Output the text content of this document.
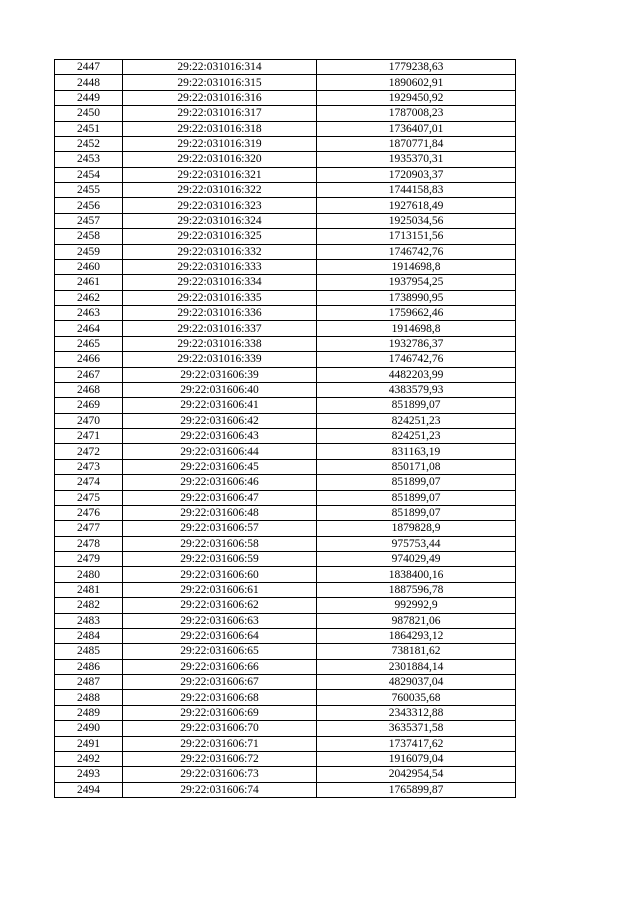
2447	29:22:031016:314	1779238,63
2448	29:22:031016:315	1890602,91
2449	29:22:031016:316	1929450,92
2450	29:22:031016:317	1787008,23
2451	29:22:031016:318	1736407,01
2452	29:22:031016:319	1870771,84
2453	29:22:031016:320	1935370,31
2454	29:22:031016:321	1720903,37
2455	29:22:031016:322	1744158,83
2456	29:22:031016:323	1927618,49
2457	29:22:031016:324	1925034,56
2458	29:22:031016:325	1713151,56
2459	29:22:031016:332	1746742,76
2460	29:22:031016:333	1914698,8
2461	29:22:031016:334	1937954,25
2462	29:22:031016:335	1738990,95
2463	29:22:031016:336	1759662,46
2464	29:22:031016:337	1914698,8
2465	29:22:031016:338	1932786,37
2466	29:22:031016:339	1746742,76
2467	29:22:031606:39	4482203,99
2468	29:22:031606:40	4383579,93
2469	29:22:031606:41	851899,07
2470	29:22:031606:42	824251,23
2471	29:22:031606:43	824251,23
2472	29:22:031606:44	831163,19
2473	29:22:031606:45	850171,08
2474	29:22:031606:46	851899,07
2475	29:22:031606:47	851899,07
2476	29:22:031606:48	851899,07
2477	29:22:031606:57	1879828,9
2478	29:22:031606:58	975753,44
2479	29:22:031606:59	974029,49
2480	29:22:031606:60	1838400,16
2481	29:22:031606:61	1887596,78
2482	29:22:031606:62	992992,9
2483	29:22:031606:63	987821,06
2484	29:22:031606:64	1864293,12
2485	29:22:031606:65	738181,62
2486	29:22:031606:66	2301884,14
2487	29:22:031606:67	4829037,04
2488	29:22:031606:68	760035,68
2489	29:22:031606:69	2343312,88
2490	29:22:031606:70	3635371,58
2491	29:22:031606:71	1737417,62
2492	29:22:031606:72	1916079,04
2493	29:22:031606:73	2042954,54
2494	29:22:031606:74	1765899,87
